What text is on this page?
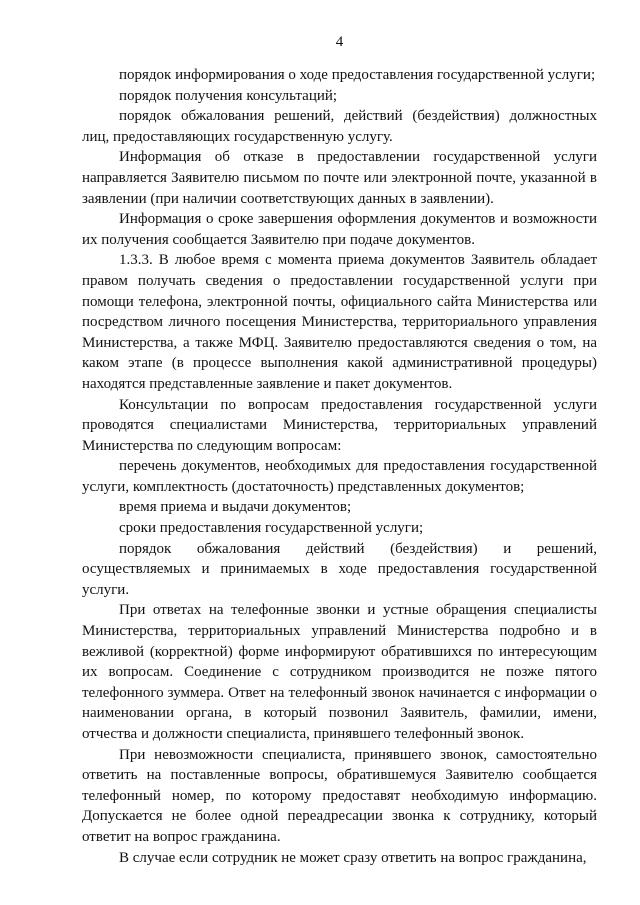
4

порядок информирования о ходе предоставления государственной услуги;

порядок получения консультаций;

порядок обжалования решений, действий (бездействия) должностных лиц, предоставляющих государственную услугу.

Информация об отказе в предоставлении государственной услуги направляется Заявителю письмом по почте или электронной почте, указанной в заявлении (при наличии соответствующих данных в заявлении).

Информация о сроке завершения оформления документов и возможности их получения сообщается Заявителю при подаче документов.

1.3.3. В любое время с момента приема документов Заявитель обладает правом получать сведения о предоставлении государственной услуги при помощи телефона, электронной почты, официального сайта Министерства или посредством личного посещения Министерства, территориального управления Министерства, а также МФЦ. Заявителю предоставляются сведения о том, на каком этапе (в процессе выполнения какой административной процедуры) находятся представленные заявление и пакет документов.

Консультации по вопросам предоставления государственной услуги проводятся специалистами Министерства, территориальных управлений Министерства по следующим вопросам:

перечень документов, необходимых для предоставления государственной услуги, комплектность (достаточность) представленных документов;

время приема и выдачи документов;

сроки предоставления государственной услуги;

порядок обжалования действий (бездействия) и решений, осуществляемых и принимаемых в ходе предоставления государственной услуги.

При ответах на телефонные звонки и устные обращения специалисты Министерства, территориальных управлений Министерства подробно и в вежливой (корректной) форме информируют обратившихся по интересующим их вопросам. Соединение с сотрудником производится не позже пятого телефонного зуммера. Ответ на телефонный звонок начинается с информации о наименовании органа, в который позвонил Заявитель, фамилии, имени, отчества и должности специалиста, принявшего телефонный звонок.

При невозможности специалиста, принявшего звонок, самостоятельно ответить на поставленные вопросы, обратившемуся Заявителю сообщается телефонный номер, по которому предоставят необходимую информацию. Допускается не более одной переадресации звонка к сотруднику, который ответит на вопрос гражданина.

В случае если сотрудник не может сразу ответить на вопрос гражданина,
